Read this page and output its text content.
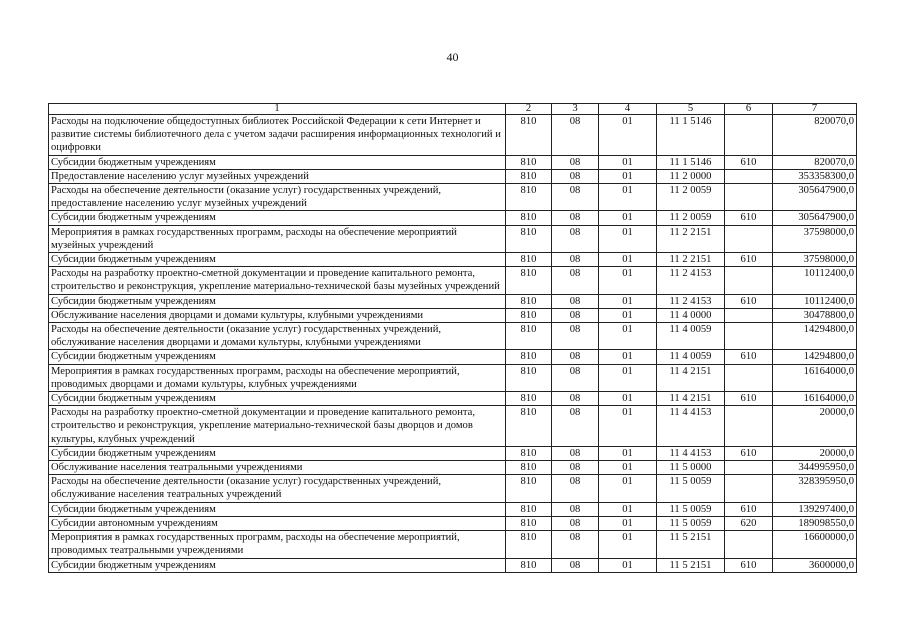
40
1	2	3	4	5	6	7
Расходы на подключение общедоступных библиотек Российской Федерации к сети Интернет и развитие системы библиотечного дела с учетом задачи расширения информационных технологий и оцифровки	810	08	01	11 1 5146		820070,0
Субсидии бюджетным учреждениям	810	08	01	11 1 5146	610	820070,0
Предоставление населению услуг музейных учреждений	810	08	01	11 2 0000		353358300,0
Расходы на обеспечение деятельности (оказание услуг) государственных учреждений, предоставление населению услуг музейных учреждений	810	08	01	11 2 0059		305647900,0
Субсидии бюджетным учреждениям	810	08	01	11 2 0059	610	305647900,0
Мероприятия в рамках государственных программ, расходы на обеспечение мероприятий музейных учреждений	810	08	01	11 2 2151		37598000,0
Субсидии бюджетным учреждениям	810	08	01	11 2 2151	610	37598000,0
Расходы на разработку проектно-сметной документации и проведение капитального ремонта, строительство и реконструкция, укрепление материально-технической базы музейных учреждений	810	08	01	11 2 4153		10112400,0
Субсидии бюджетным учреждениям	810	08	01	11 2 4153	610	10112400,0
Обслуживание населения дворцами и домами культуры, клубными учреждениями	810	08	01	11 4 0000		30478800,0
Расходы на обеспечение деятельности (оказание услуг) государственных учреждений, обслуживание населения дворцами и домами культуры, клубными учреждениями	810	08	01	11 4 0059		14294800,0
Субсидии бюджетным учреждениям	810	08	01	11 4 0059	610	14294800,0
Мероприятия в рамках государственных программ, расходы на обеспечение мероприятий, проводимых дворцами и домами культуры, клубных учреждениями	810	08	01	11 4 2151		16164000,0
Субсидии бюджетным учреждениям	810	08	01	11 4 2151	610	16164000,0
Расходы на разработку проектно-сметной документации и проведение капитального ремонта, строительство и реконструкция, укрепление материально-технической базы дворцов и домов культуры, клубных учреждений	810	08	01	11 4 4153		20000,0
Субсидии бюджетным учреждениям	810	08	01	11 4 4153	610	20000,0
Обслуживание населения театральными учреждениями	810	08	01	11 5 0000		344995950,0
Расходы на обеспечение деятельности (оказание услуг) государственных учреждений, обслуживание населения театральных учреждений	810	08	01	11 5 0059		328395950,0
Субсидии бюджетным учреждениям	810	08	01	11 5 0059	610	139297400,0
Субсидии автономным учреждениям	810	08	01	11 5 0059	620	189098550,0
Мероприятия в рамках государственных программ, расходы на обеспечение мероприятий, проводимых театральными учреждениями	810	08	01	11 5 2151		16600000,0
Субсидии бюджетным учреждениям	810	08	01	11 5 2151	610	3600000,0
